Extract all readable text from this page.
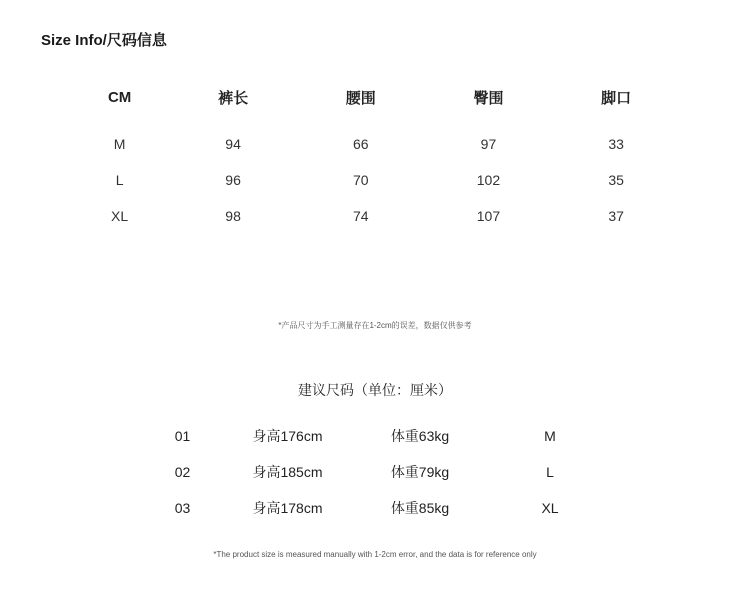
Size Info/尺码信息
CM	裤长	腰围	臀围	脚口

M	94	66	97	33
L	96	70	102	35
XL	98	74	107	37
*产品尺寸为手工测量存在1-2cm的误差，数据仅供参考
建议尺码（单位：厘米）
01	身高176cm	体重63kg	M
02	身高185cm	体重79kg	L
03	身高178cm	体重85kg	XL
*The product size is measured manually with 1-2cm error, and the data is for reference only
